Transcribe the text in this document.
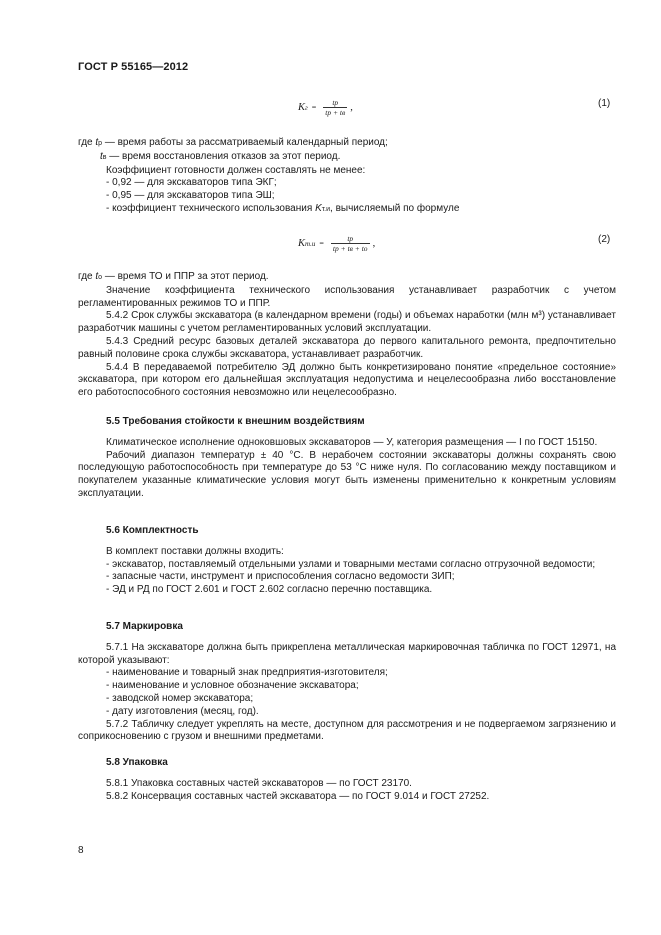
ГОСТ Р 55165—2012
K $г = \frac{tp}{tp + tв}$ ,	(1)

где tр — время работы за рассматриваемый календарный период;

tв — время восстановления отказов за этот период.

Коэффициент готовности должен составлять не менее:

- 0,92 — для экскаваторов типа ЭКГ;

- 0,95 — для экскаваторов типа ЭШ;

- коэффициент технического использования Kт.и, вычисляемый по формуле

K $т.и = \frac{tp}{tp + tв + to}$ ,	(2)

где tо — время ТО и ППР за этот период.

Значение коэффициента технического использования устанавливает разработчик с учетом регламентированных режимов ТО и ППР.

5.4.2 Срок службы экскаватора (в календарном времени (годы) и объемах наработки (млн м³) устанавливает разработчик машины с учетом регламентированных условий эксплуатации.

5.4.3 Средний ресурс базовых деталей экскаватора до первого капитального ремонта, предпочтительно равный половине срока службы экскаватора, устанавливает разработчик.

5.4.4 В передаваемой потребителю ЭД должно быть конкретизировано понятие «предельное состояние» экскаватора, при котором его дальнейшая эксплуатация недопустима и нецелесообразна либо восстановление его работоспособного состояния невозможно или нецелесообразно.

5.5 Требования стойкости к внешним воздействиям

Климатическое исполнение одноковшовых экскаваторов — У, категория размещения — I по ГОСТ 15150.

Рабочий диапазон температур ± 40 °С. В нерабочем состоянии экскаваторы должны сохранять свою последующую работоспособность при температуре до 53 °С ниже нуля. По согласованию между поставщиком и покупателем указанные климатические условия могут быть изменены применительно к конкретным условиям эксплуатации.

5.6 Комплектность

В комплект поставки должны входить:

- экскаватор, поставляемый отдельными узлами и товарными местами согласно отгрузочной ведомости;

- запасные части, инструмент и приспособления согласно ведомости ЗИП;

- ЭД и РД по ГОСТ 2.601 и ГОСТ 2.602 согласно перечню поставщика.

5.7 Маркировка

5.7.1 На экскаваторе должна быть прикреплена металлическая маркировочная табличка по ГОСТ 12971, на которой указывают:

- наименование и товарный знак предприятия-изготовителя;

- наименование и условное обозначение экскаватора;

- заводской номер экскаватора;

- дату изготовления (месяц, год).

5.7.2 Табличку следует укреплять на месте, доступном для рассмотрения и не подвергаемом загрязнению и соприкосновению с грузом и внешними предметами.

5.8 Упаковка

5.8.1 Упаковка составных частей экскаваторов — по ГОСТ 23170.

5.8.2 Консервация составных частей экскаватора — по ГОСТ 9.014 и ГОСТ 27252.

8
